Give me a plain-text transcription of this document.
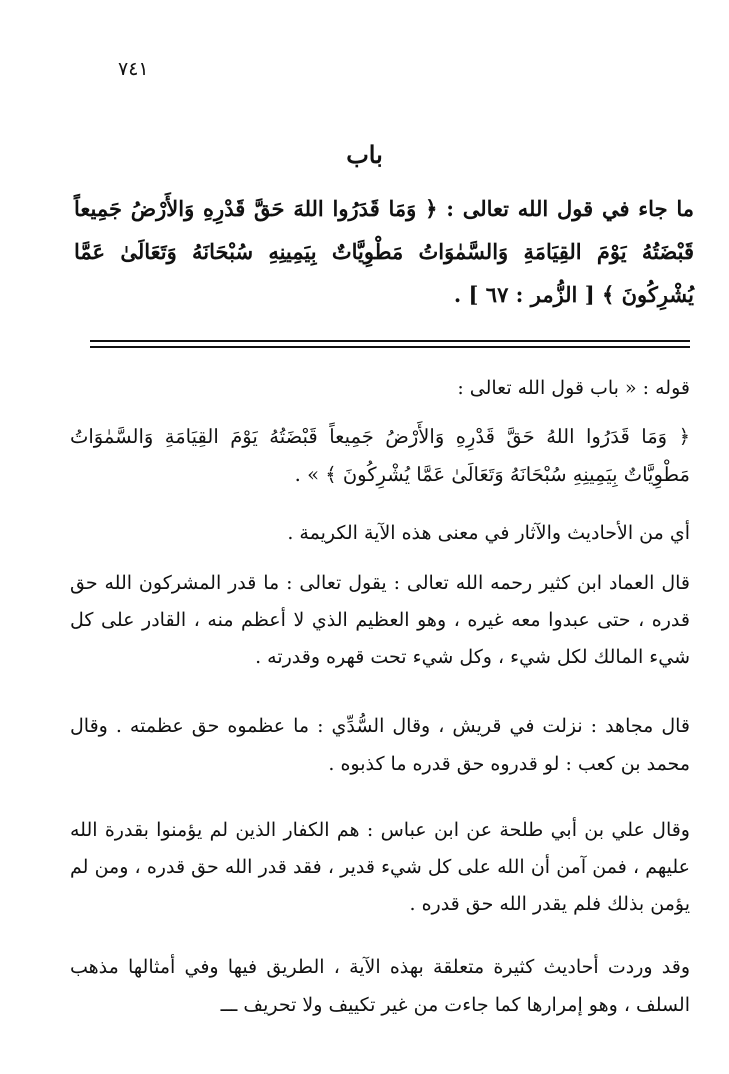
٧٤١
باب
ما جاء في قول الله تعالى : ﴿ وَمَا قَدَرُوا اللهَ حَقَّ قَدْرِهِ وَالأَرْضُ جَمِيعاً قَبْضَتُهُ يَوْمَ القِيَامَةِ وَالسَّمٰوَاتُ مَطْوِيَّاتٌ بِيَمِينِهِ سُبْحَانَهُ وَتَعَالَىٰ عَمَّا يُشْرِكُونَ ﴾ [ الزُّمر : ٦٧ ] .
قوله : « باب قول الله تعالى :
﴿ وَمَا قَدَرُوا اللهُ حَقَّ قَدْرِهِ وَالأَرْضُ جَمِيعاً قَبْضَتُهُ يَوْمَ القِيَامَةِ وَالسَّمٰوَاتُ مَطْوِيَّاتٌ بِيَمِينِهِ سُبْحَانَهُ وَتَعَالَىٰ عَمَّا يُشْرِكُونَ ﴾ » .
أي من الأحاديث والآثار في معنى هذه الآية الكريمة .
قال العماد ابن كثير رحمه الله تعالى : يقول تعالى : ما قدر المشركون الله حق قدره ، حتى عبدوا معه غيره ، وهو العظيم الذي لا أعظم منه ، القادر على كل شيء المالك لكل شيء ، وكل شيء تحت قهره وقدرته .
قال مجاهد : نزلت في قريش ، وقال السُّدِّي : ما عظموه حق عظمته . وقال محمد بن كعب : لو قدروه حق قدره ما كذبوه .
وقال علي بن أبي طلحة عن ابن عباس : هم الكفار الذين لم يؤمنوا بقدرة الله عليهم ، فمن آمن أن الله على كل شيء قدير ، فقد قدر الله حق قدره ، ومن لم يؤمن بذلك فلم يقدر الله حق قدره .
وقد وردت أحاديث كثيرة متعلقة بهذه الآية ، الطريق فيها وفي أمثالها مذهب السلف ، وهو إمرارها كما جاءت من غير تكييف ولا تحريف ـــ
